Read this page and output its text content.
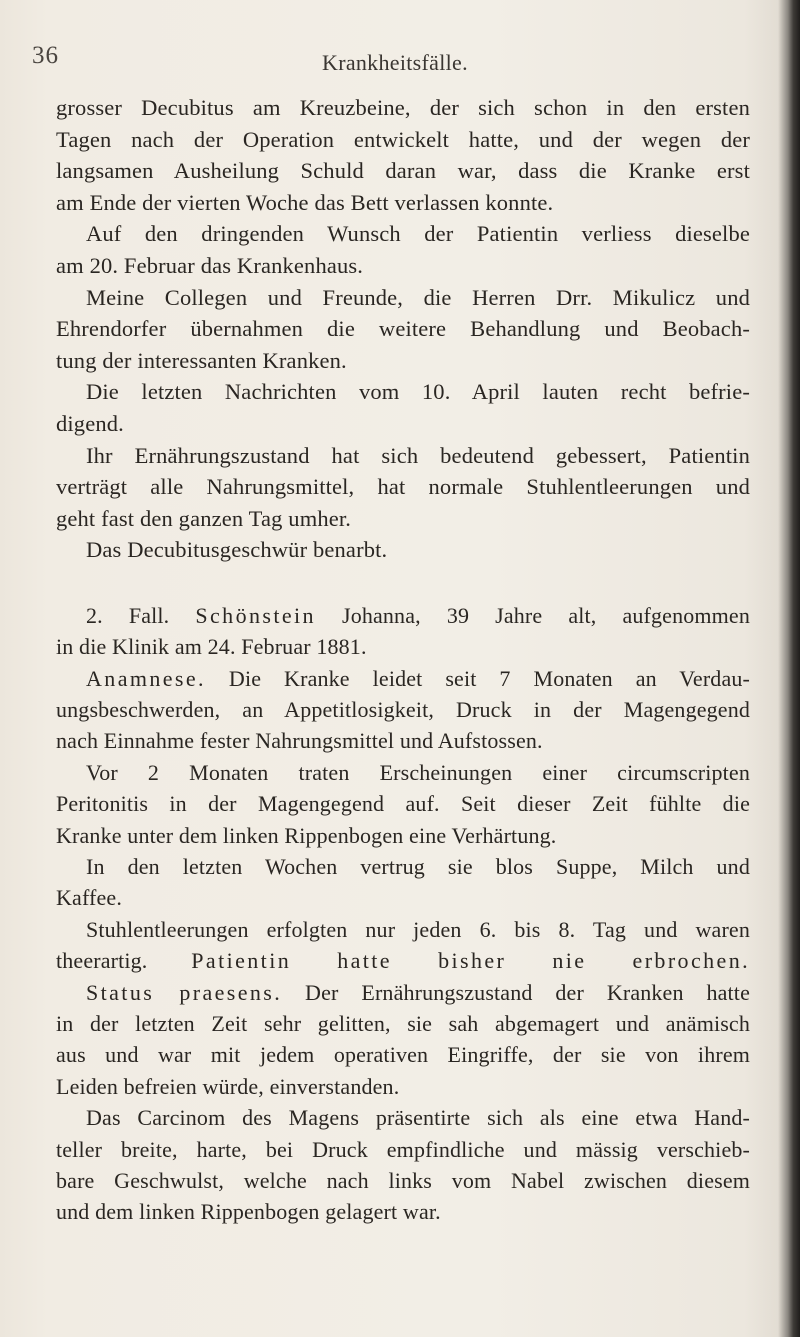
36	Krankheitsfälle.
grosser Decubitus am Kreuzbeine, der sich schon in den ersten
Tagen nach der Operation entwickelt hatte, und der wegen der
langsamen Ausheilung Schuld daran war, dass die Kranke erst
am Ende der vierten Woche das Bett verlassen konnte.
Auf den dringenden Wunsch der Patientin verliess dieselbe
am 20. Februar das Krankenhaus.
Meine Collegen und Freunde, die Herren Drr. Mikulicz und
Ehrendorfer übernahmen die weitere Behandlung und Beobach-
tung der interessanten Kranken.
Die letzten Nachrichten vom 10. April lauten recht befrie-
digend.
Ihr Ernährungszustand hat sich bedeutend gebessert, Patientin
verträgt alle Nahrungsmittel, hat normale Stuhlentleerungen und
geht fast den ganzen Tag umher.
Das Decubitusgeschwür benarbt.
2. Fall. Schönstein Johanna, 39 Jahre alt, aufgenommen
in die Klinik am 24. Februar 1881.
Anamnese. Die Kranke leidet seit 7 Monaten an Verdau-
ungsbeschwerden, an Appetitlosigkeit, Druck in der Magengegend
nach Einnahme fester Nahrungsmittel und Aufstossen.
Vor 2 Monaten traten Erscheinungen einer circumscripten
Peritonitis in der Magengegend auf. Seit dieser Zeit fühlte die
Kranke unter dem linken Rippenbogen eine Verhärtung.
In den letzten Wochen vertrug sie blos Suppe, Milch und
Kaffee.
Stuhlentleerungen erfolgten nur jeden 6. bis 8. Tag und waren
theerartig. Patientin hatte bisher nie erbrochen.
Status praesens. Der Ernährungszustand der Kranken hatte
in der letzten Zeit sehr gelitten, sie sah abgemagert und anämisch
aus und war mit jedem operativen Eingriffe, der sie von ihrem
Leiden befreien würde, einverstanden.
Das Carcinom des Magens präsentirte sich als eine etwa Hand-
teller breite, harte, bei Druck empfindliche und mässig verschieb-
bare Geschwulst, welche nach links vom Nabel zwischen diesem
und dem linken Rippenbogen gelagert war.
